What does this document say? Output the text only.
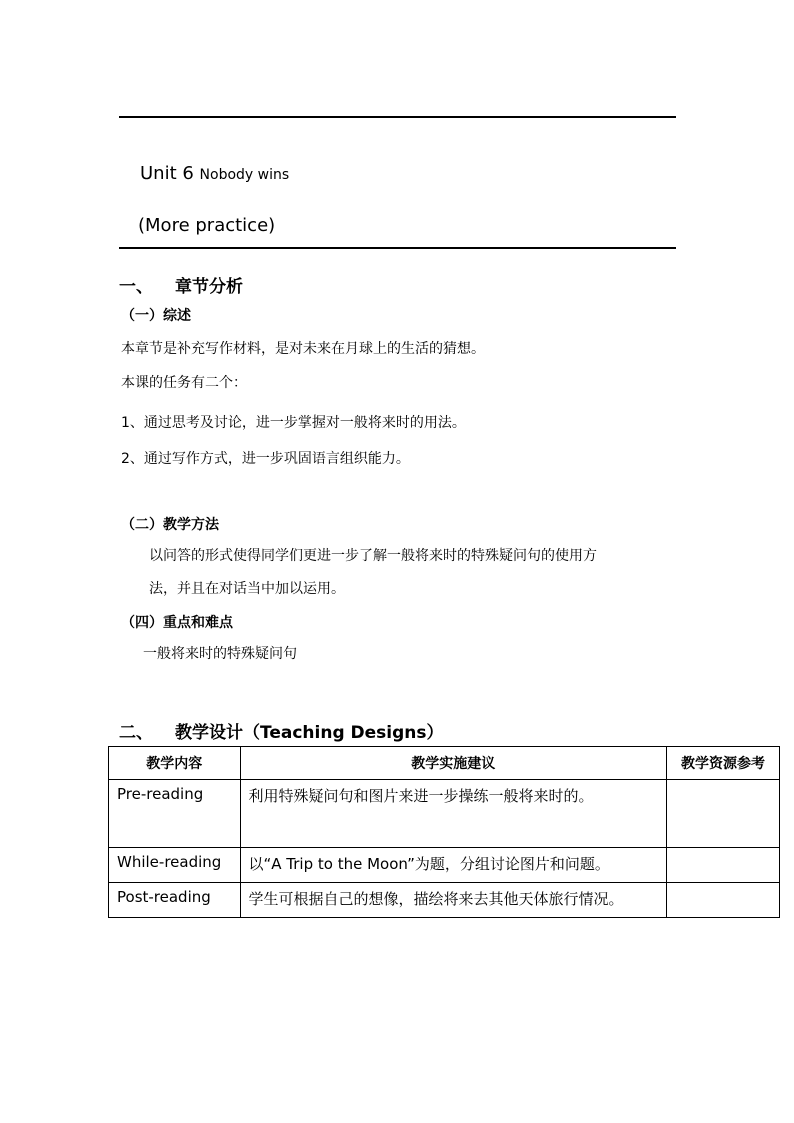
Unit 6 Nobody wins
(More practice)
一、 章节分析
（一）综述
本章节是补充写作材料，是对未来在月球上的生活的猜想。
本课的任务有二个：
1、通过思考及讨论，进一步掌握对一般将来时的用法。
2、通过写作方式，进一步巩固语言组织能力。
（二）教学方法
以问答的形式使得同学们更进一步了解一般将来时的特殊疑问句的使用方
法，并且在对话当中加以运用。
（四）重点和难点
一般将来时的特殊疑问句
二、 教学设计（Teaching Designs）
教学内容	教学实施建议	教学资源参考
Pre-reading	利用特殊疑问句和图片来进一步操练一般将来时的。	
While-reading	以“A Trip to the Moon”为题，分组讨论图片和问题。	
Post-reading	学生可根据自己的想像，描绘将来去其他天体旅行情况。	
